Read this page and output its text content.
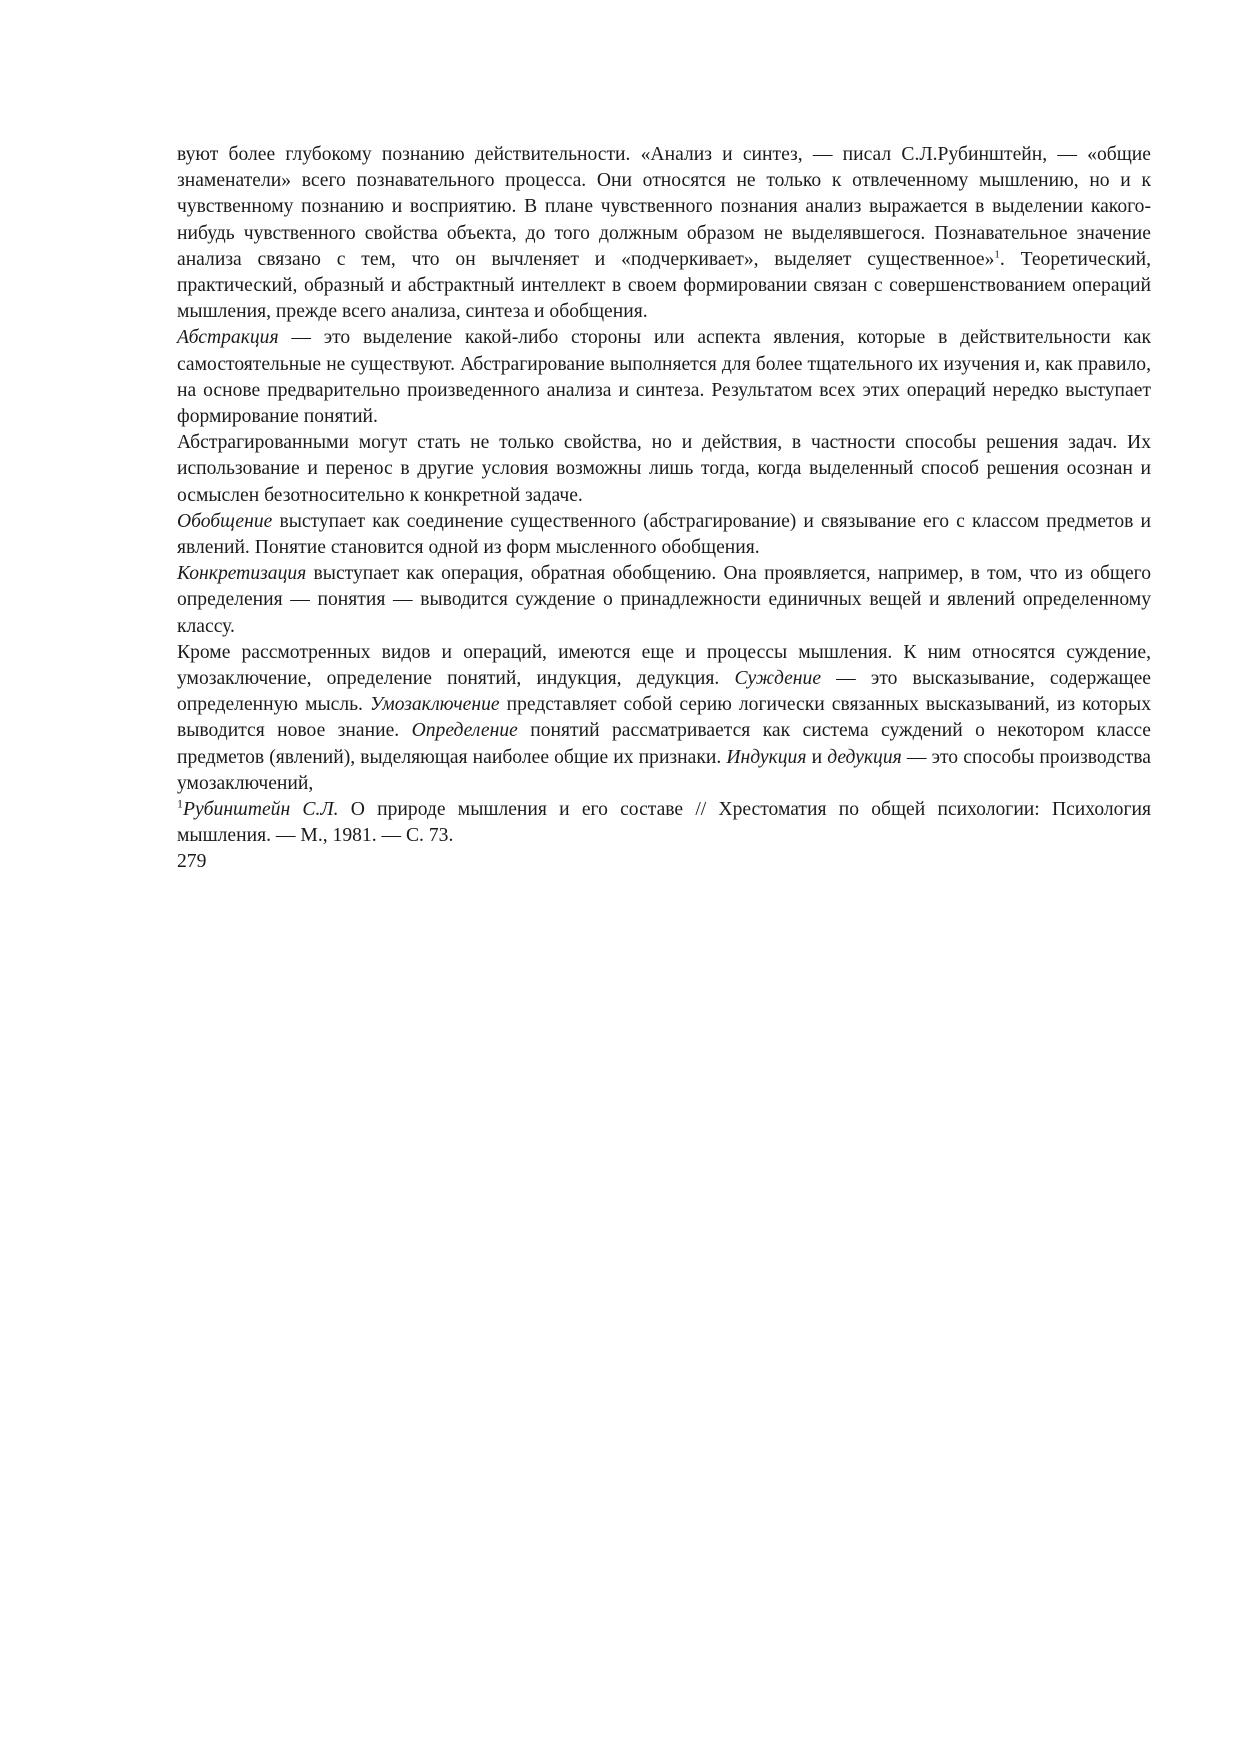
вуют более глубокому познанию действительности. «Анализ и синтез, — писал С.Л.Рубинштейн, — «общие знаменатели» всего познавательного процесса. Они относятся не только к отвлеченному мышлению, но и к чувственному познанию и восприятию. В плане чувственного познания анализ выражается в выделении какого-нибудь чувственного свойства объекта, до того должным образом не выделявшегося. Познавательное значение анализа связано с тем, что он вычленяет и «подчеркивает», выделяет существенное»$^1$. Теоретический, практический, образный и абстрактный интеллект в своем формировании связан с совершенствованием операций мышления, прежде всего анализа, синтеза и обобщения.

Абстракция — это выделение какой-либо стороны или аспекта явления, которые в действительности как самостоятельные не существуют. Абстрагирование выполняется для более тщательного их изучения и, как правило, на основе предварительно произведенного анализа и синтеза. Результатом всех этих операций нередко выступает формирование понятий.

Абстрагированными могут стать не только свойства, но и действия, в частности способы решения задач. Их использование и перенос в другие условия возможны лишь тогда, когда выделенный способ решения осознан и осмыслен безотносительно к конкретной задаче.

Обобщение выступает как соединение существенного (абстрагирование) и связывание его с классом предметов и явлений. Понятие становится одной из форм мысленного обобщения.

Конкретизация выступает как операция, обратная обобщению. Она проявляется, например, в том, что из общего определения — понятия — выводится суждение о принадлежности единичных вещей и явлений определенному классу.

Кроме рассмотренных видов и операций, имеются еще и процессы мышления. К ним относятся суждение, умозаключение, определение понятий, индукция, дедукция. Суждение — это высказывание, содержащее определенную мысль. Умозаключение представляет собой серию логически связанных высказываний, из которых выводится новое знание. Определение понятий рассматривается как система суждений о некотором классе предметов (явлений), выделяющая наиболее общие их признаки. Индукция и дедукция — это способы производства умозаключений,

$^1$Рубинштейн С.Л. О природе мышления и его составе // Хрестоматия по общей психологии: Психология мышления. — М., 1981. — С. 73.

279
